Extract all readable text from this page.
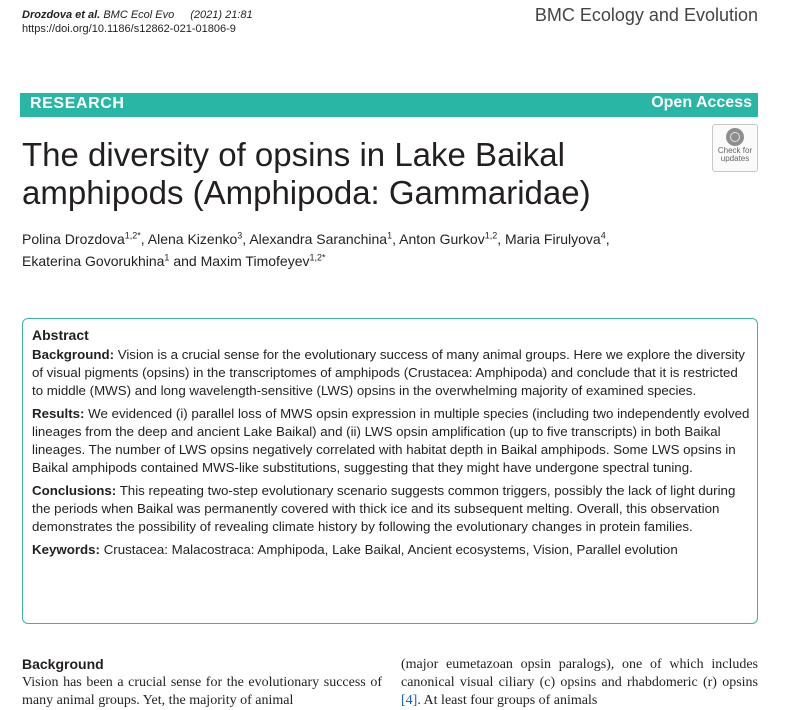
Drozdova et al. BMC Ecol Evo (2021) 21:81
https://doi.org/10.1186/s12862-021-01806-9
BMC Ecology and Evolution
RESEARCH	Open Access
The diversity of opsins in Lake Baikal
amphipods (Amphipoda: Gammaridae)
Check for
updates
Polina Drozdova$^{1,2*}$, Alena Kizenko$^3$, Alexandra Saranchina$^1$, Anton Gurkov$^{1,2}$, Maria Firulyova$^4$,
Ekaterina Govorukhina$^1$ and Maxim Timofeyev$^{1,2*}$
Abstract

Background: Vision is a crucial sense for the evolutionary success of many animal groups. Here we explore the diversity of visual pigments (opsins) in the transcriptomes of amphipods (Crustacea: Amphipoda) and conclude that it is restricted to middle (MWS) and long wavelength-sensitive (LWS) opsins in the overwhelming majority of examined species.

Results: We evidenced (i) parallel loss of MWS opsin expression in multiple species (including two independently evolved lineages from the deep and ancient Lake Baikal) and (ii) LWS opsin amplification (up to five transcripts) in both Baikal lineages. The number of LWS opsins negatively correlated with habitat depth in Baikal amphipods. Some LWS opsins in Baikal amphipods contained MWS-like substitutions, suggesting that they might have undergone spectral tuning.

Conclusions: This repeating two-step evolutionary scenario suggests common triggers, possibly the lack of light during the periods when Baikal was permanently covered with thick ice and its subsequent melting. Overall, this observation demonstrates the possibility of revealing climate history by following the evolutionary changes in protein families.

Keywords: Crustacea: Malacostraca: Amphipoda, Lake Baikal, Ancient ecosystems, Vision, Parallel evolution

Background
Vision has been a crucial sense for the evolutionary success of many animal groups. Yet, the majority of animal
(major eumetazoan opsin paralogs), one of which includes canonical visual ciliary (c) opsins and rhabdomeric (r) opsins [4]. At least four groups of animals
